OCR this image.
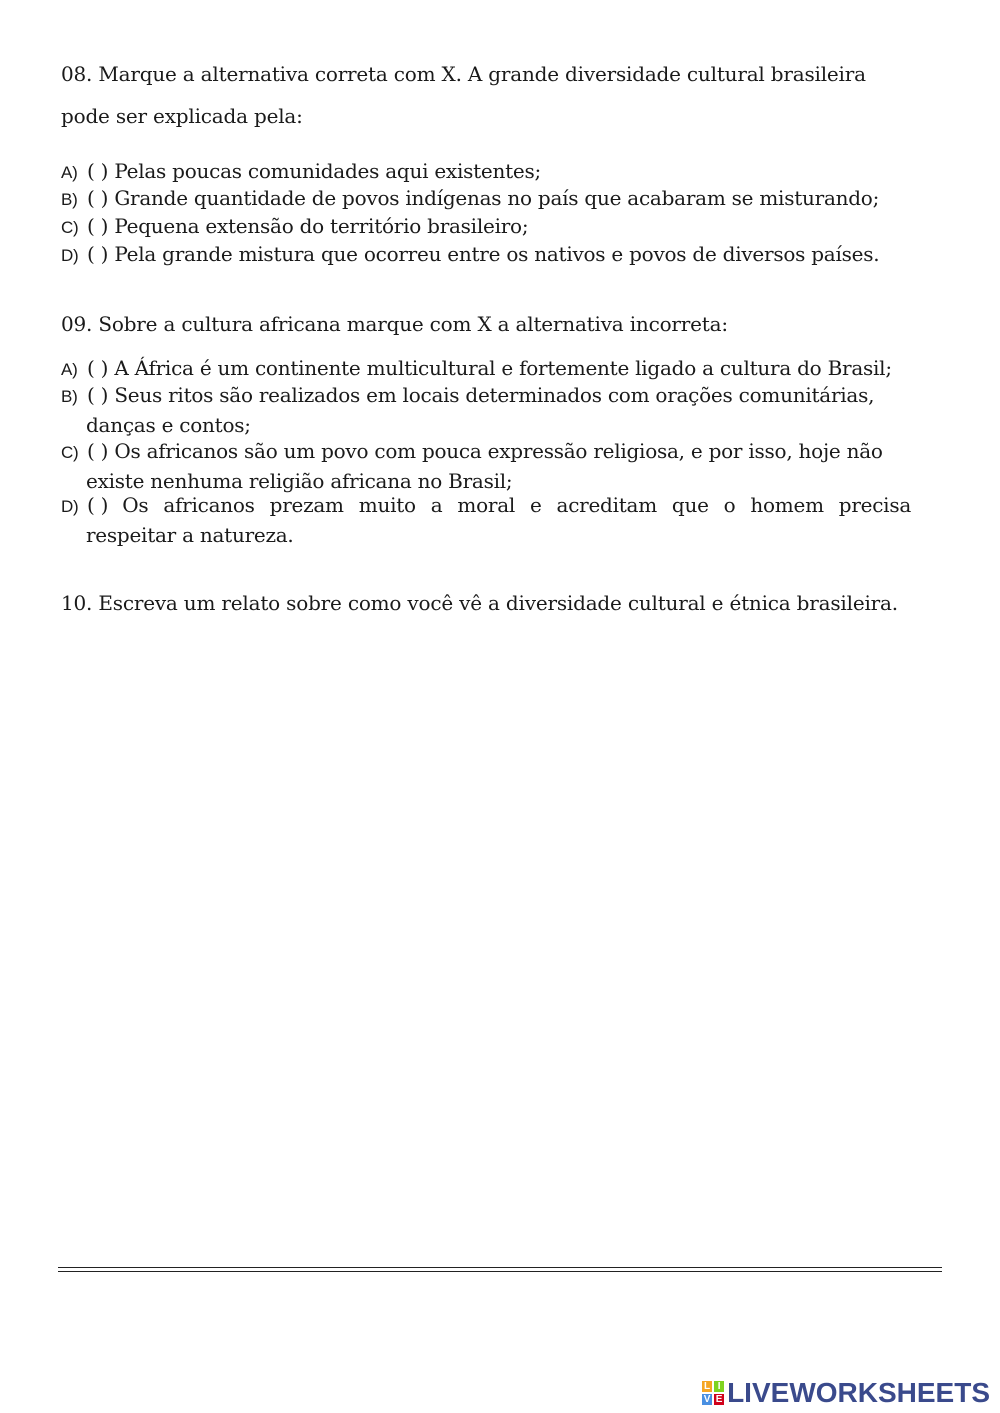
08. Marque a alternativa correta com X. A grande diversidade cultural brasileira
pode ser explicada pela:
A) ( ) Pelas poucas comunidades aqui existentes;
B) ( ) Grande quantidade de povos indígenas no país que acabaram se misturando;
C) ( ) Pequena extensão do território brasileiro;
D) ( ) Pela grande mistura que ocorreu entre os nativos e povos de diversos países.
09. Sobre a cultura africana marque com X a alternativa incorreta:
A) ( ) A África é um continente multicultural e fortemente ligado a cultura do Brasil;
B) ( ) Seus ritos são realizados em locais determinados com orações comunitárias,
danças e contos;
C) ( ) Os africanos são um povo com pouca expressão religiosa, e por isso, hoje não
existe nenhuma religião africana no Brasil;
D) ( ) Os africanos prezam muito a moral e acreditam que o homem precisa
respeitar a natureza.
10. Escreva um relato sobre como você vê a diversidade cultural e étnica brasileira.
L I
V E LIVEWORKSHEETS
